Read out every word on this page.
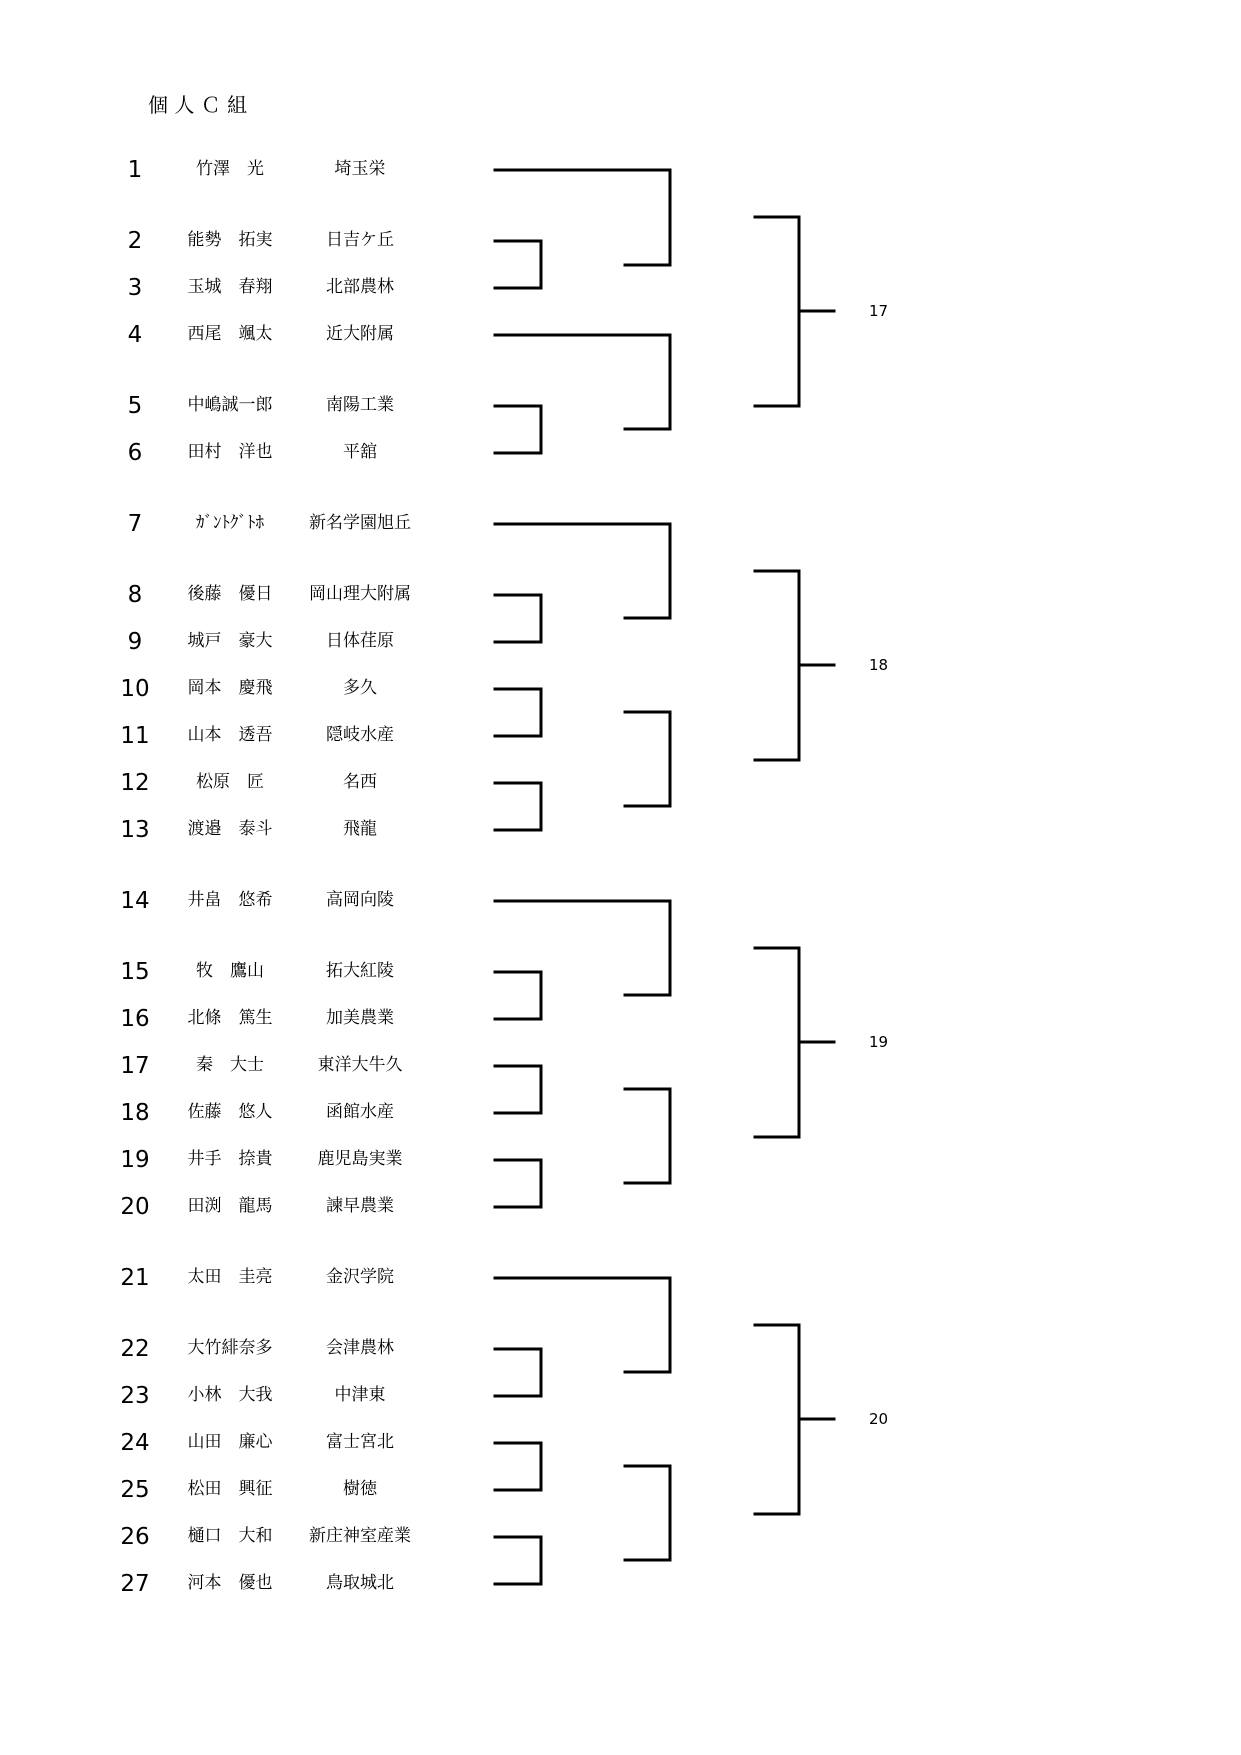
個 人 Ｃ 組
1	竹澤　光	埼玉栄
2	能勢　拓実	日吉ケ丘
3	玉城　春翔	北部農林
4	西尾　颯太	近大附属
5	中嶋誠一郎	南陽工業
6	田村　洋也	平舘
7	ｶﾞﾝﾄｸﾞﾄﾎ	新名学園旭丘
8	後藤　優日	岡山理大附属
9	城戸　豪大	日体荏原
10	岡本　慶飛	多久
11	山本　透吾	隠岐水産
12	松原　匠	名西
13	渡邉　泰斗	飛龍
14	井畠　悠希	高岡向陵
15	牧　鷹山	拓大紅陵
16	北條　篤生	加美農業
17	秦　大士	東洋大牛久
18	佐藤　悠人	函館水産
19	井手　捺貴	鹿児島実業
20	田渕　龍馬	諫早農業
21	太田　圭亮	金沢学院
22	大竹緋奈多	会津農林
23	小林　大我	中津東
24	山田　廉心	富士宮北
25	松田　興征	樹徳
26	樋口　大和	新庄神室産業
27	河本　優也	鳥取城北
17
18
19
20
